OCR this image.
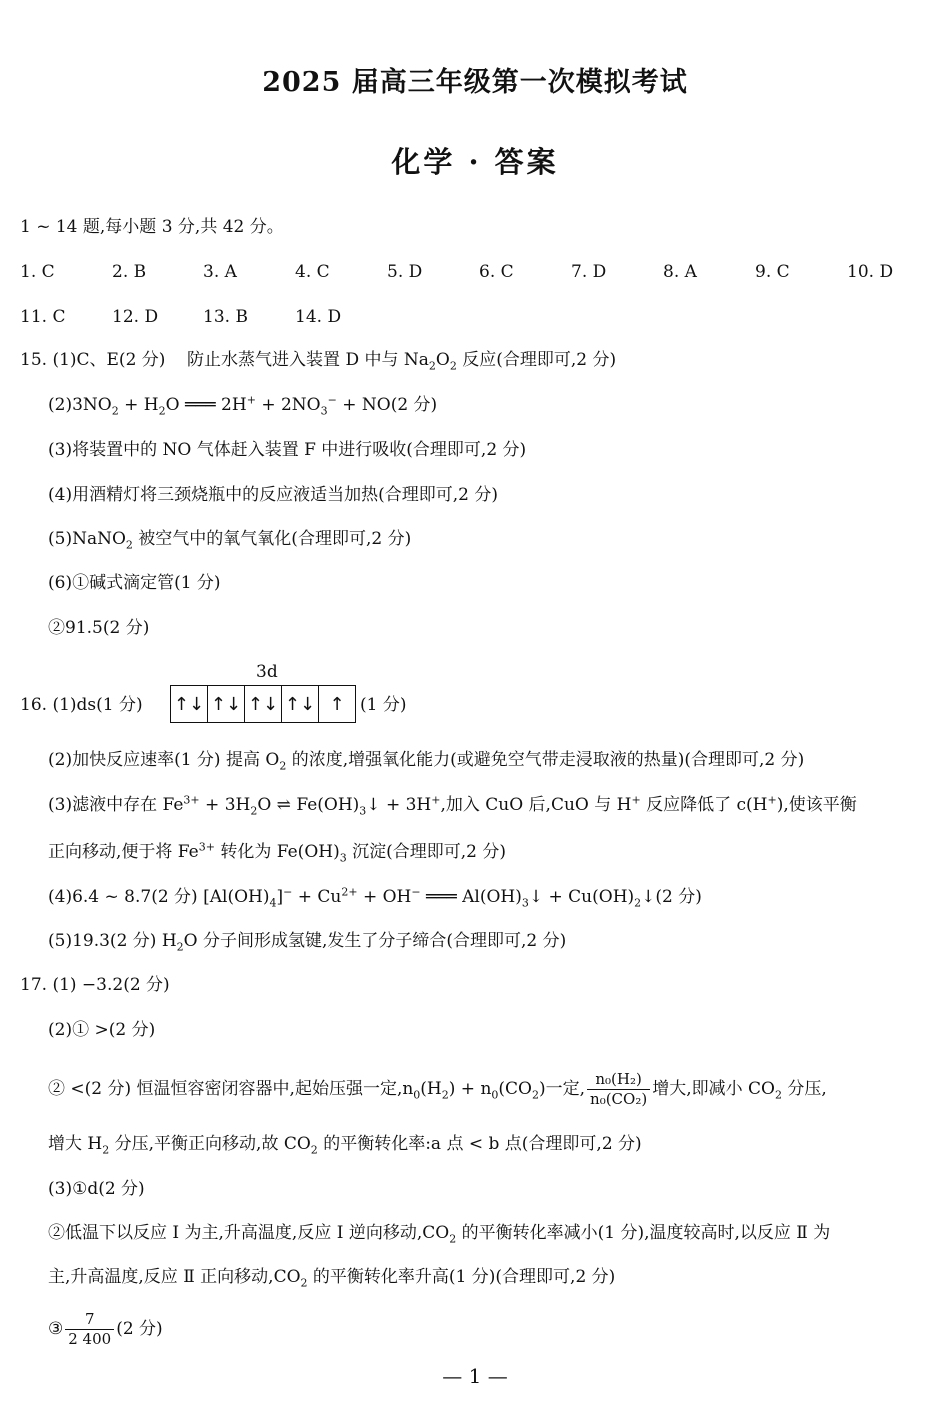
2025 届高三年级第一次模拟考试
化学 · 答案
1 ~ 14 题,每小题 3 分,共 42 分。
1. C	2. B	3. A	4. C	5. D	6. C	7. D	8. A	9. C	10. D
11. C	12. D	13. B	14. D
15. (1)C、E(2 分) 防止水蒸气进入装置 D 中与 $Na_2O_2$ 反应(合理即可,2 分)
$(2)3NO_2 + H_2O$ ═══ $2H^+ + 2NO_3^- + NO(2$ 分)
(3)将装置中的 NO 气体赶入装置 F 中进行吸收(合理即可,2 分)
(4)用酒精灯将三颈烧瓶中的反应液适当加热(合理即可,2 分)
(5)NaNO$_2$ 被空气中的氧气氧化(合理即可,2 分)
(6)①碱式滴定管(1 分)
②91.5(2 分)
3d
16. (1)ds(1 分) ↑↓ ↑↓ ↑↓ ↑↓ ↑ (1 分)
(2)加快反应速率(1 分) 提高 $O_2$ 的浓度,增强氧化能力(或避免空气带走浸取液的热量)(合理即可,2 分)
(3)滤液中存在 $Fe^{3+} + 3H_2O$ ⇌ $Fe(OH)_3↓ + 3H^+$,加入 CuO 后,CuO 与 H+ 反应降低了 c(H+),使该平衡
正向移动,便于将 $Fe^{3+}$ 转化为 $Fe(OH)_3$ 沉淀(合理即可,2 分)
(4)6.4 ~ 8.7(2 分) $[Al(OH)_4]^- + Cu^{2+} + OH^-$ ═══ $Al(OH)_3↓$ + $Cu(OH)_2↓(2$ 分)
(5)19.3(2 分) $H_2O$ 分子间形成氢键,发生了分子缔合(合理即可,2 分)
17. (1) −3.2(2 分)
(2)① >(2 分)
② <(2 分) 恒温恒容密闭容器中,起始压强一定$,n_0(H_2) + n_0(CO_2)$一定, $\frac{\text{n₀(H₂)}}{\text{n₀(CO₂)}}$ 增大,即减小 $CO_2$ 分压,
增大 $H_2$ 分压,平衡正向移动,故 $CO_2$ 的平衡转化率:a 点 < b 点(合理即可,2 分)
(3)①d(2 分)
②低温下以反应 Ⅰ 为主,升高温度,反应 Ⅰ 逆向移动$,CO_2$ 的平衡转化率减小(1 分),温度较高时,以反应 Ⅱ 为
主,升高温度,反应 Ⅱ 正向移动$,CO_2$ 的平衡转化率升高(1 分)(合理即可,2 分)
③ $\frac{7}{2 400} (2$ 分)
— 1 —
